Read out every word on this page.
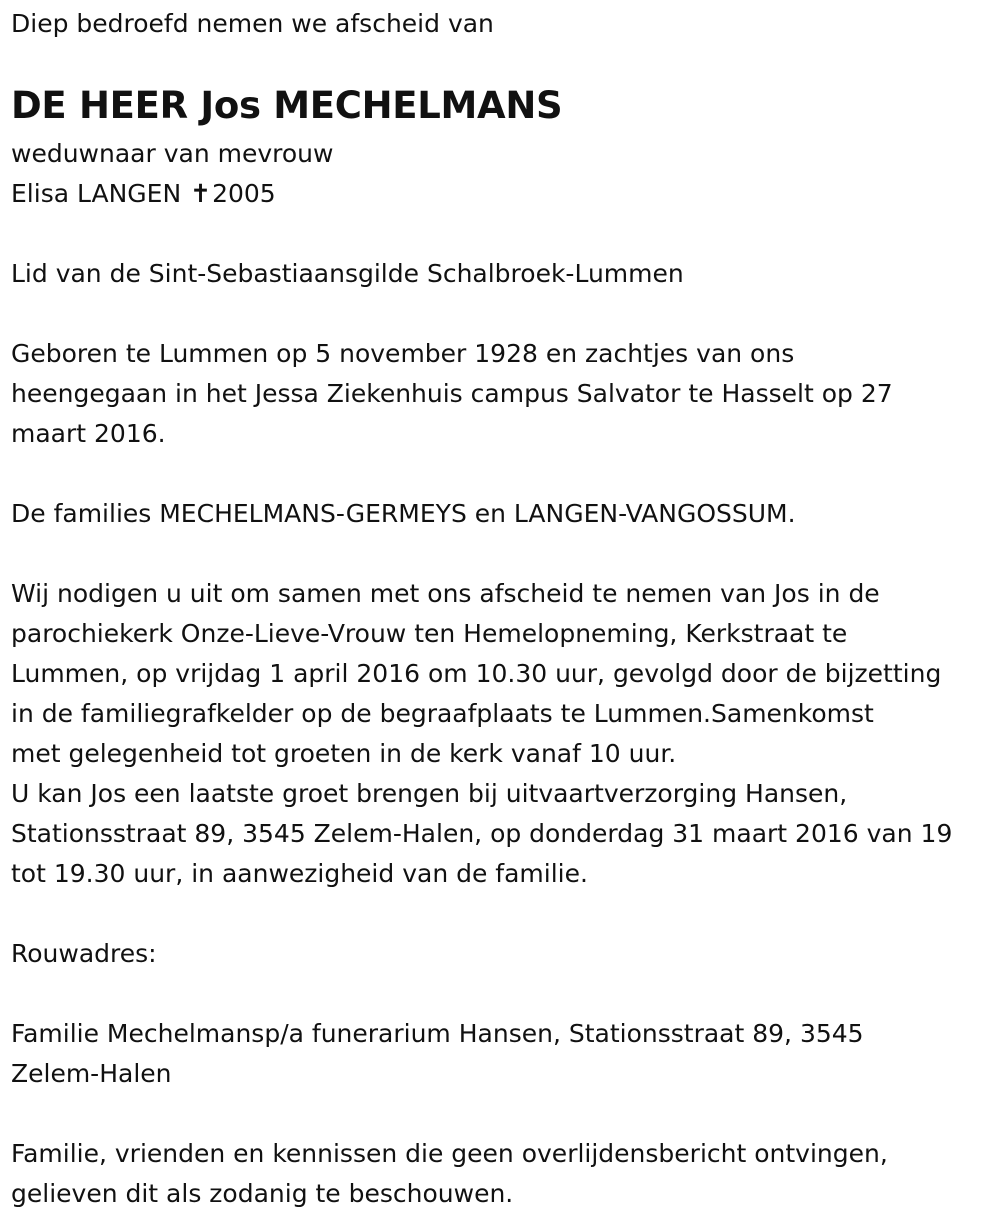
Diep bedroefd nemen we afscheid van

DE HEER Jos MECHELMANS

weduwnaar van mevrouw

Elisa LANGEN ✝2005

Lid van de Sint-Sebastiaansgilde Schalbroek-Lummen

Geboren te Lummen op 5 november 1928 en zachtjes van ons

heengegaan in het Jessa Ziekenhuis campus Salvator te Hasselt op 27

maart 2016.

De families MECHELMANS-GERMEYS en LANGEN-VANGOSSUM.

Wij nodigen u uit om samen met ons afscheid te nemen van Jos in de

parochiekerk Onze-Lieve-Vrouw ten Hemelopneming, Kerkstraat te

Lummen, op vrijdag 1 april 2016 om 10.30 uur, gevolgd door de bijzetting

in de familiegrafkelder op de begraafplaats te Lummen.Samenkomst

met gelegenheid tot groeten in de kerk vanaf 10 uur.

U kan Jos een laatste groet brengen bij uitvaartverzorging Hansen,

Stationsstraat 89, 3545 Zelem-Halen, op donderdag 31 maart 2016 van 19

tot 19.30 uur, in aanwezigheid van de familie.

Rouwadres:

Familie Mechelmansp/a funerarium Hansen, Stationsstraat 89, 3545

Zelem-Halen

Familie, vrienden en kennissen die geen overlijdensbericht ontvingen,

gelieven dit als zodanig te beschouwen.
